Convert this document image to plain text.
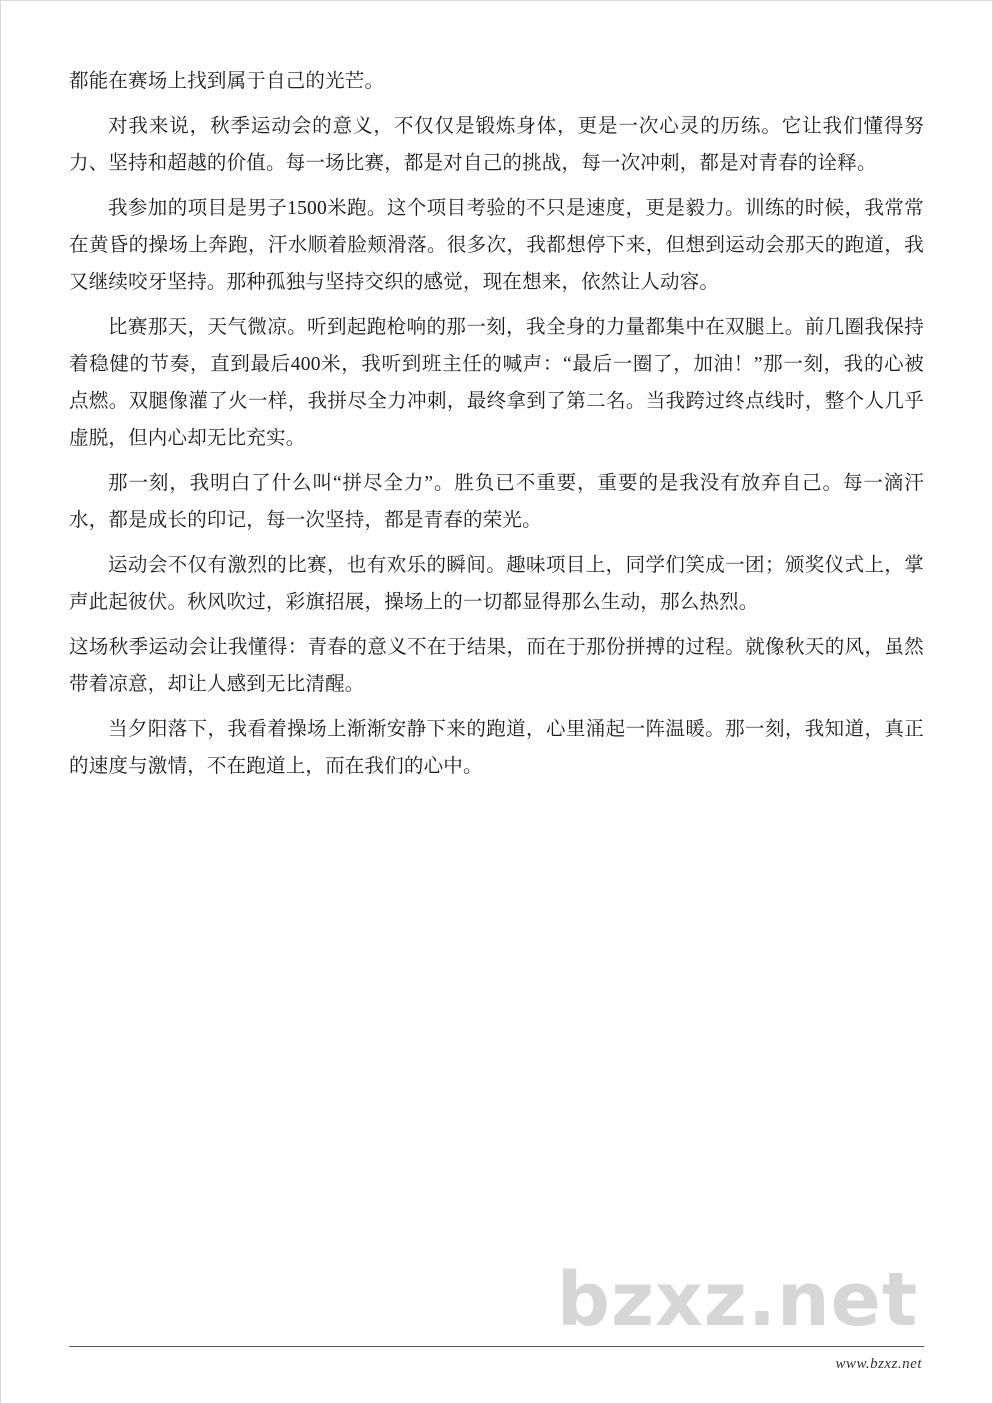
都能在赛场上找到属于自己的光芒。

对我来说，秋季运动会的意义，不仅仅是锻炼身体，更是一次心灵的历练。它让我们懂得努力、坚持和超越的价值。每一场比赛，都是对自己的挑战，每一次冲刺，都是对青春的诠释。

我参加的项目是男子1500米跑。这个项目考验的不只是速度，更是毅力。训练的时候，我常常在黄昏的操场上奔跑，汗水顺着脸颊滑落。很多次，我都想停下来，但想到运动会那天的跑道，我又继续咬牙坚持。那种孤独与坚持交织的感觉，现在想来，依然让人动容。

比赛那天，天气微凉。听到起跑枪响的那一刻，我全身的力量都集中在双腿上。前几圈我保持着稳健的节奏，直到最后400米，我听到班主任的喊声：“最后一圈了，加油！”那一刻，我的心被点燃。双腿像灌了火一样，我拼尽全力冲刺，最终拿到了第二名。当我跨过终点线时，整个人几乎虚脱，但内心却无比充实。

那一刻，我明白了什么叫“拼尽全力”。胜负已不重要，重要的是我没有放弃自己。每一滴汗水，都是成长的印记，每一次坚持，都是青春的荣光。

运动会不仅有激烈的比赛，也有欢乐的瞬间。趣味项目上，同学们笑成一团；颁奖仪式上，掌声此起彼伏。秋风吹过，彩旗招展，操场上的一切都显得那么生动，那么热烈。

这场秋季运动会让我懂得：青春的意义不在于结果，而在于那份拼搏的过程。就像秋天的风，虽然带着凉意，却让人感到无比清醒。

当夕阳落下，我看着操场上渐渐安静下来的跑道，心里涌起一阵温暖。那一刻，我知道，真正的速度与激情，不在跑道上，而在我们的心中。

bzxz.net
www.bzxz.net
